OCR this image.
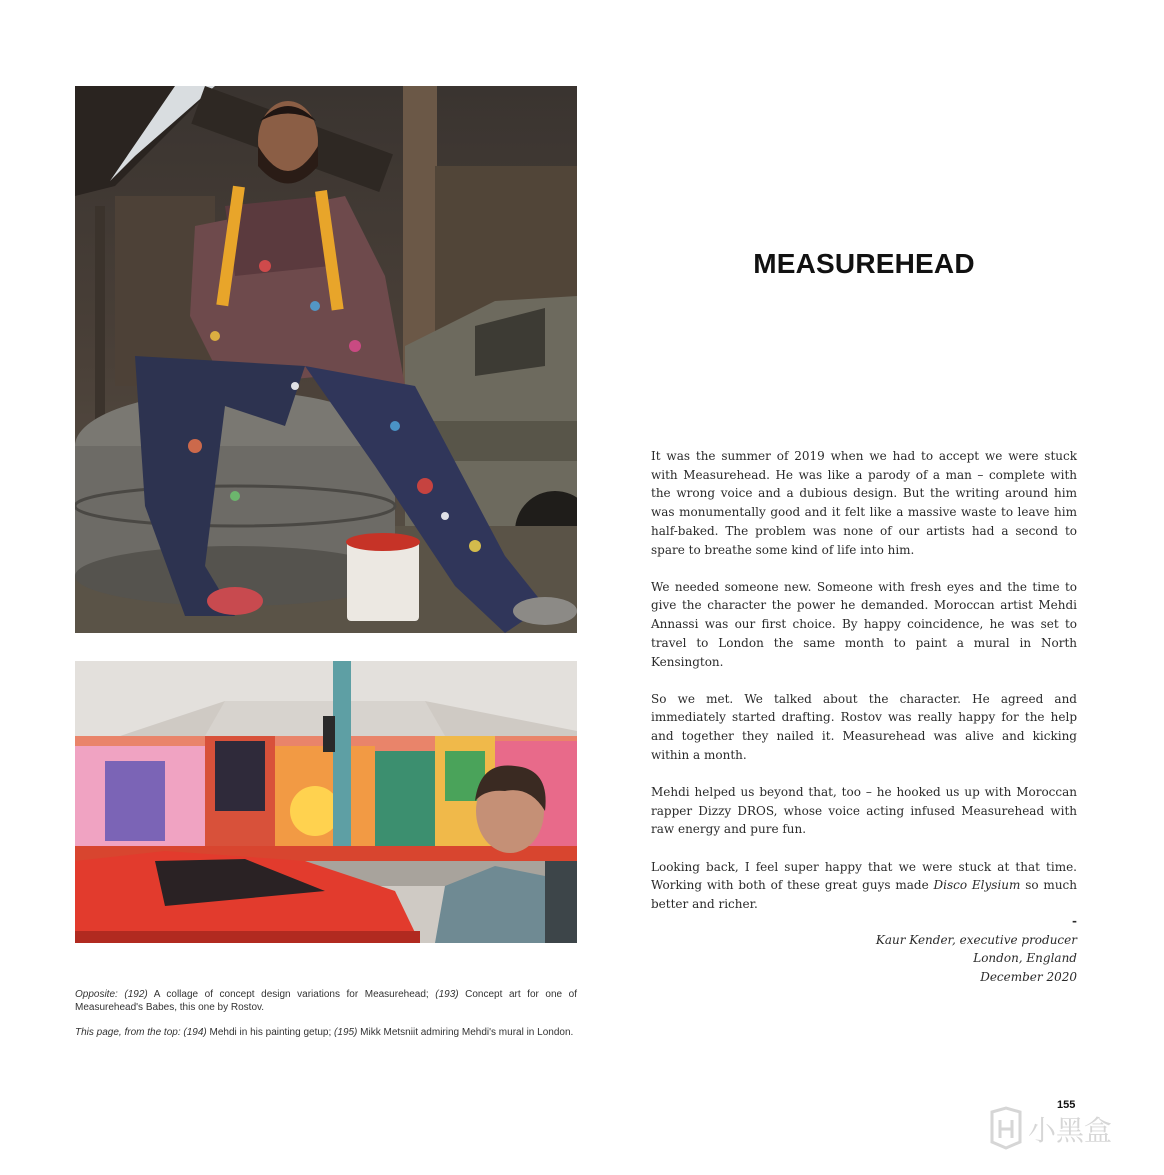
MEASUREHEAD

It was the summer of 2019 when we had to accept we were stuck with Measurehead. He was like a parody of a man – complete with the wrong voice and a dubious design. But the writing around him was monumentally good and it felt like a massive waste to leave him half-baked. The problem was none of our artists had a second to spare to breathe some kind of life into him.

We needed someone new. Someone with fresh eyes and the time to give the character the power he demanded. Moroccan artist Mehdi Annassi was our first choice. By happy coincidence, he was set to travel to London the same month to paint a mural in North Kensington.

So we met. We talked about the character. He agreed and immediately started drafting. Rostov was really happy for the help and together they nailed it. Measurehead was alive and kicking within a month.

Mehdi helped us beyond that, too – he hooked us up with Moroccan rapper Dizzy DROS, whose voice acting infused Measurehead with raw energy and pure fun.

Looking back, I feel super happy that we were stuck at that time. Working with both of these great guys made Disco Elysium so much better and richer.

-
Kaur Kender, executive producer
London, England
December 2020

Opposite: (192) A collage of concept design variations for Measurehead; (193) Concept art for one of Measurehead's Babes, this one by Rostov.

This page, from the top: (194) Mehdi in his painting getup; (195) Mikk Metsniit admiring Mehdi's mural in London.

155
小黑盒
